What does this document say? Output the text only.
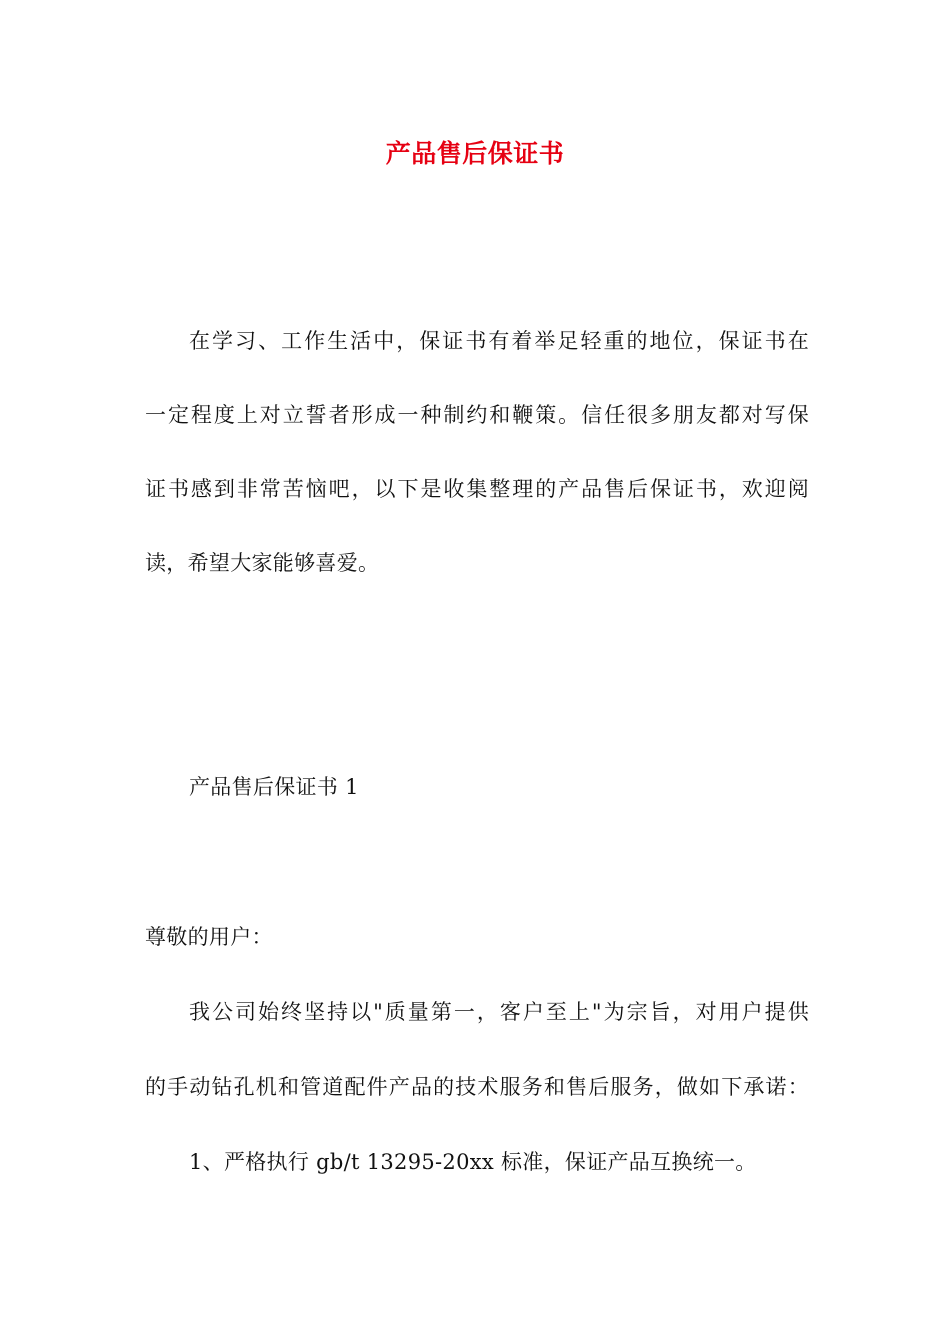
产品售后保证书
在学习、工作生活中，保证书有着举足轻重的地位，保证书在
一定程度上对立誓者形成一种制约和鞭策。信任很多朋友都对写保
证书感到非常苦恼吧，以下是收集整理的产品售后保证书，欢迎阅
读，希望大家能够喜爱。
产品售后保证书 1
尊敬的用户：
我公司始终坚持以"质量第一，客户至上"为宗旨，对用户提供
的手动钻孔机和管道配件产品的技术服务和售后服务，做如下承诺：
1、严格执行 gb/t 13295-20xx 标准，保证产品互换统一。
